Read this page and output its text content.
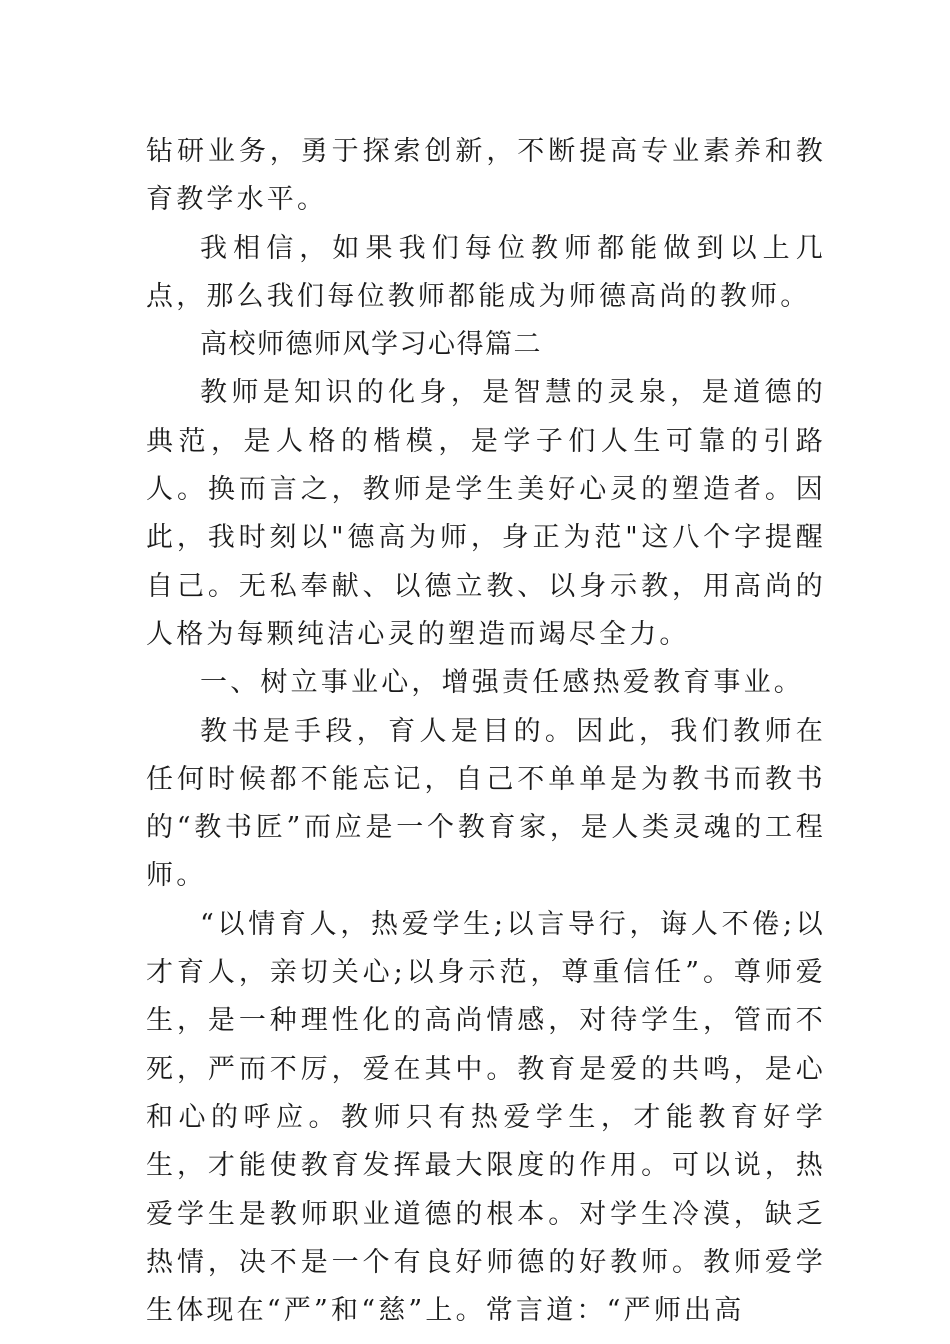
钻研业务，勇于探索创新，不断提高专业素养和教育教学水平。

我相信，如果我们每位教师都能做到以上几点，那么我们每位教师都能成为师德高尚的教师。

高校师德师风学习心得篇二

教师是知识的化身，是智慧的灵泉，是道德的典范，是人格的楷模，是学子们人生可靠的引路人。换而言之，教师是学生美好心灵的塑造者。因此，我时刻以"德高为师，身正为范"这八个字提醒自己。无私奉献、以德立教、以身示教，用高尚的人格为每颗纯洁心灵的塑造而竭尽全力。

一、树立事业心，增强责任感热爱教育事业。

教书是手段，育人是目的。因此，我们教师在任何时候都不能忘记，自己不单单是为教书而教书的“教书匠”而应是一个教育家，是人类灵魂的工程师。

“以情育人，热爱学生;以言导行，诲人不倦;以才育人，亲切关心;以身示范，尊重信任”。尊师爱生，是一种理性化的高尚情感，对待学生，管而不死，严而不厉，爱在其中。教育是爱的共鸣，是心和心的呼应。教师只有热爱学生，才能教育好学生，才能使教育发挥最大限度的作用。可以说，热爱学生是教师职业道德的根本。对学生冷漠，缺乏热情，决不是一个有良好师德的好教师。教师爱学生体现在“严”和“慈”上。常言道：“严师出高
